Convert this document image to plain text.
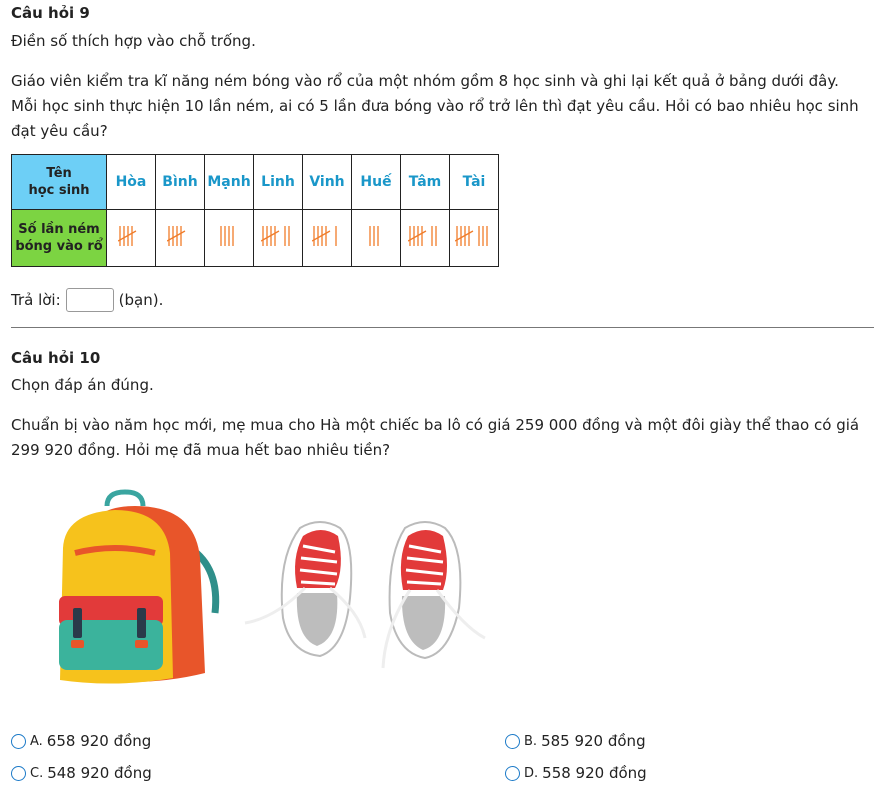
Câu hỏi 9
Điền số thích hợp vào chỗ trống.
Giáo viên kiểm tra kĩ năng ném bóng vào rổ của một nhóm gồm 8 học sinh và ghi lại kết quả ở bảng dưới đây. Mỗi học sinh thực hiện 10 lần ném, ai có 5 lần đưa bóng vào rổ trở lên thì đạt yêu cầu. Hỏi có bao nhiêu học sinh đạt yêu cầu?
Tên
học sinh	Hòa	Bình	Mạnh	Linh	Vinh	Huế	Tâm	Tài

Số lần ném
bóng vào rổ

Trả lời:	(bạn).
Câu hỏi 10
Chọn đáp án đúng.
Chuẩn bị vào năm học mới, mẹ mua cho Hà một chiếc ba lô có giá 259 000 đồng và một đôi giày thể thao có giá 299 920 đồng. Hỏi mẹ đã mua hết bao nhiêu tiền?
A. 658 920 đồng	B. 585 920 đồng
C. 548 920 đồng	D. 558 920 đồng
